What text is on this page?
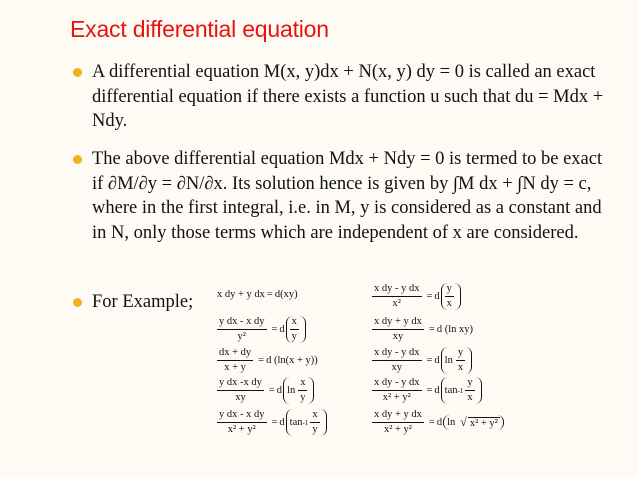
Exact differential equation
A differential equation M(x, y)dx + N(x, y) dy = 0 is called an exact differential equation if there exists a function u such that du = Mdx + Ndy.
The above differential equation Mdx + Ndy = 0 is termed to be exact if ∂M/∂y = ∂N/∂x. Its solution hence is given by ∫M dx + ∫N dy = c, where in the first integral, i.e. in M, y is considered as a constant and in N, only those terms which are independent of x are considered.
For Example;	x dy + y dx = d(xy)
$\frac{\text{y dx - x dy}}{\text{y²}} = d \frac{x}{y}$
$\frac{dx + dy}{x + y} = d$ (ln(x + y))
$\frac{\text{y dx -x dy}}{xy} = d$ $\ln \frac{x}{y}$
$\frac{\text{y dx - x dy}}{\text{x² + y²}} = d$ $\tan -1 \frac{x}{y}$
$\frac{\text{x dy - y dx}}{\text{x²}} = d \frac{y}{x}$
$\frac{\text{x dy + y dx}}{xy} = d$ (ln xy)
$\frac{\text{x dy - y dx}}{xy} = d$ $\ln \frac{y}{x}$
$\frac{\text{x dy - y dx}}{\text{x² + y²}} = d$ $\tan -1 \frac{y}{x}$
$\frac{\text{x dy + y dx}}{\text{x² + y²}} = d$ ln √ x² + y²
